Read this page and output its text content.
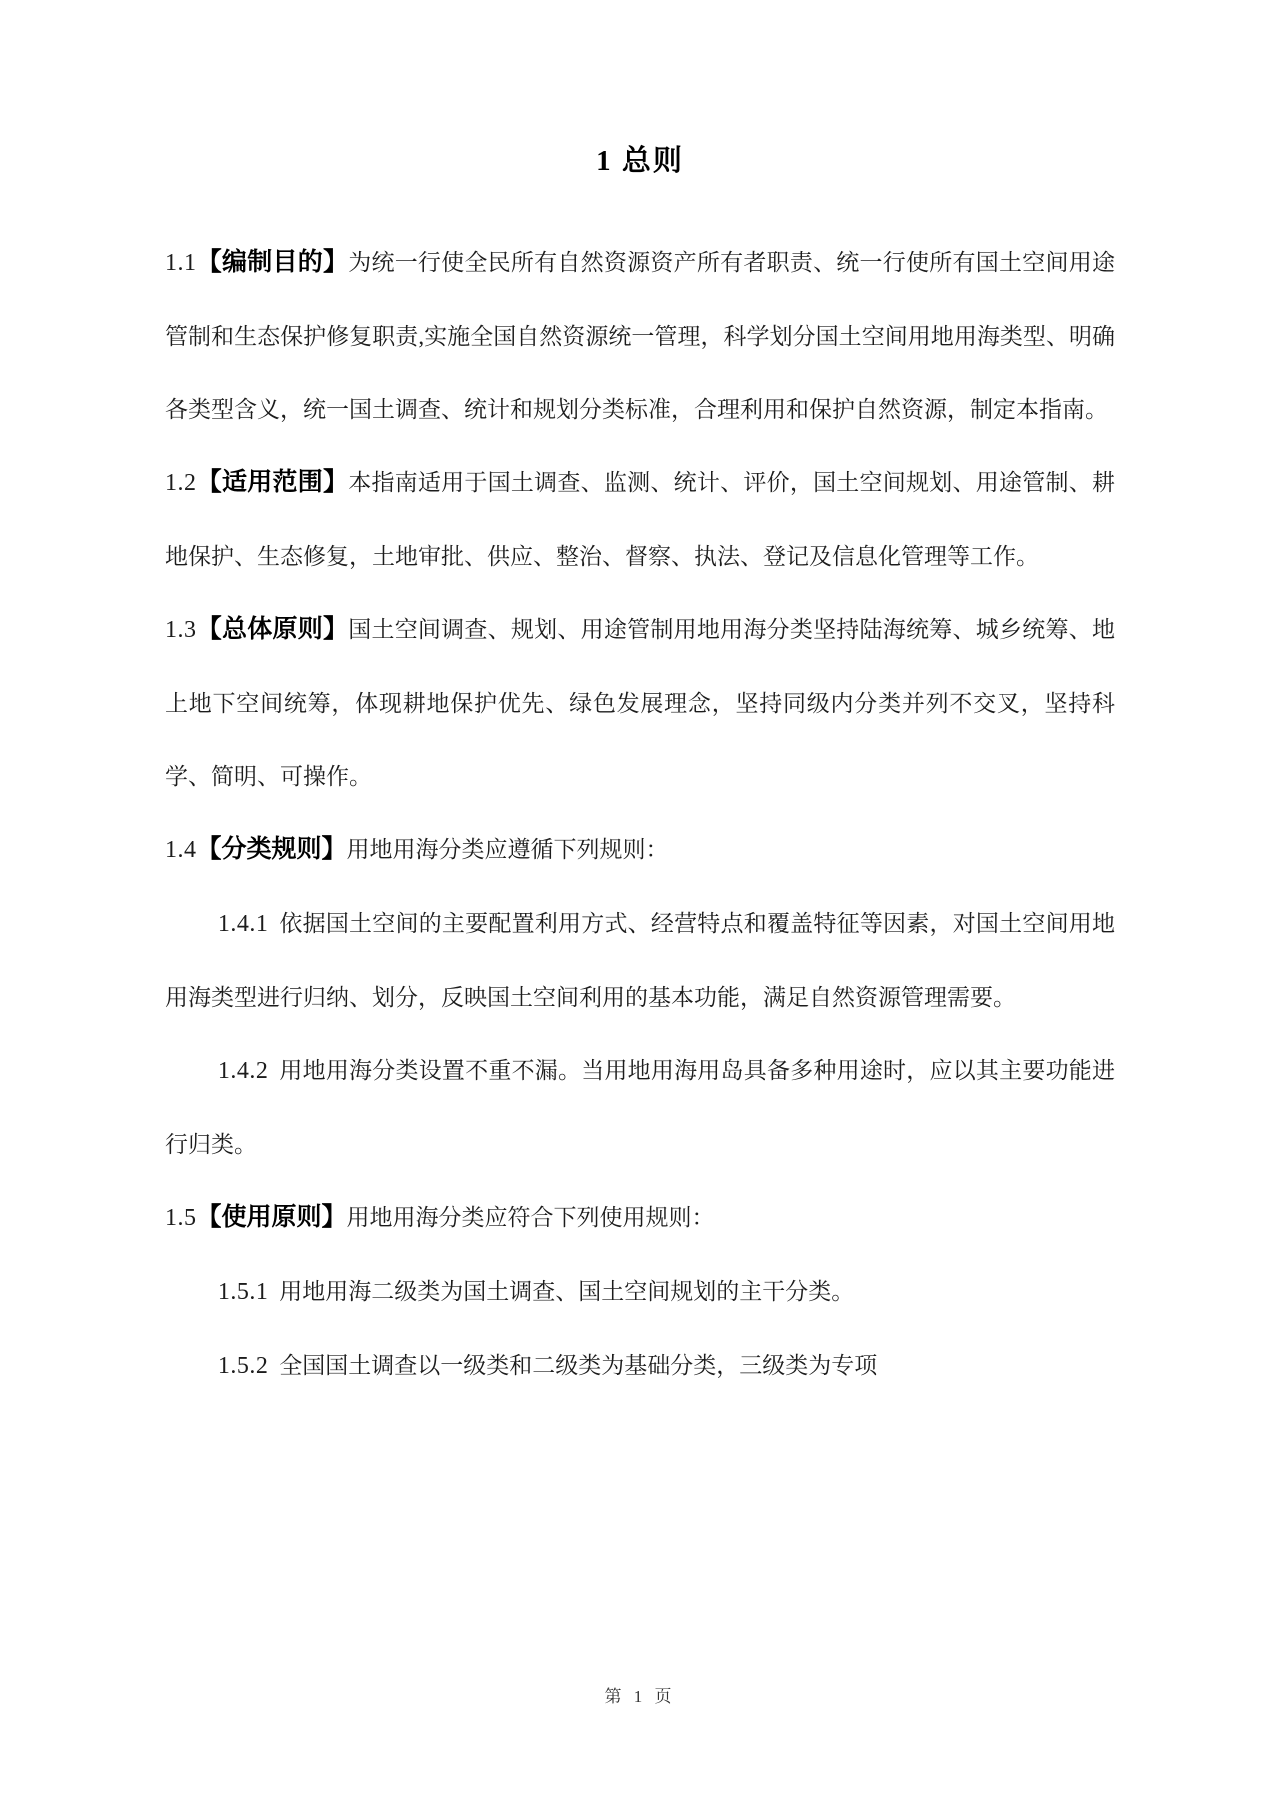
1 总则

1.1【编制目的】为统一行使全民所有自然资源资产所有者职责、统一行使所有国土空间用途管制和生态保护修复职责,实施全国自然资源统一管理，科学划分国土空间用地用海类型、明确各类型含义，统一国土调查、统计和规划分类标准，合理利用和保护自然资源，制定本指南。

1.2【适用范围】本指南适用于国土调查、监测、统计、评价，国土空间规划、用途管制、耕地保护、生态修复，土地审批、供应、整治、督察、执法、登记及信息化管理等工作。

1.3【总体原则】国土空间调查、规划、用途管制用地用海分类坚持陆海统筹、城乡统筹、地上地下空间统筹，体现耕地保护优先、绿色发展理念，坚持同级内分类并列不交叉，坚持科学、简明、可操作。

1.4【分类规则】用地用海分类应遵循下列规则：

1.4.1 依据国土空间的主要配置利用方式、经营特点和覆盖特征等因素，对国土空间用地用海类型进行归纳、划分，反映国土空间利用的基本功能，满足自然资源管理需要。

1.4.2 用地用海分类设置不重不漏。当用地用海用岛具备多种用途时，应以其主要功能进行归类。

1.5【使用原则】用地用海分类应符合下列使用规则：

1.5.1 用地用海二级类为国土调查、国土空间规划的主干分类。

1.5.2 全国国土调查以一级类和二级类为基础分类，三级类为专项

第 1 页
